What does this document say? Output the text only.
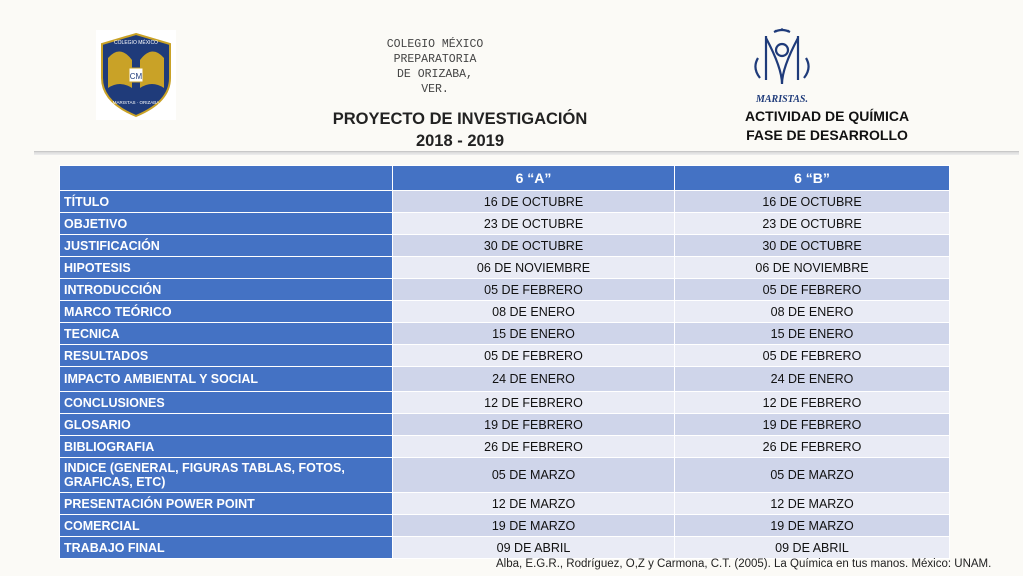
CM
COLEGIO MÉXICO
MARISTAS · ORIZABA
COLEGIO MÉXICO
PREPARATORIA
DE ORIZABA,
VER.
PROYECTO DE INVESTIGACIÓN
2018 - 2019
MARISTAS.
ACTIVIDAD DE QUÍMICA
FASE DE DESARROLLO
	6 “A”	6 “B”
TÍTULO	16 DE OCTUBRE	16 DE OCTUBRE
OBJETIVO	23 DE OCTUBRE	23 DE OCTUBRE
JUSTIFICACIÓN	30 DE OCTUBRE	30 DE OCTUBRE
HIPOTESIS	06 DE NOVIEMBRE	06 DE NOVIEMBRE
INTRODUCCIÓN	05 DE FEBRERO	05 DE FEBRERO
MARCO TEÓRICO	08 DE ENERO	08 DE ENERO
TECNICA	15 DE ENERO	15 DE ENERO
RESULTADOS	05 DE FEBRERO	05 DE FEBRERO
IMPACTO AMBIENTAL Y SOCIAL	24 DE ENERO	24 DE ENERO
CONCLUSIONES	12 DE FEBRERO	12 DE FEBRERO
GLOSARIO	19 DE FEBRERO	19 DE FEBRERO
BIBLIOGRAFIA	26 DE FEBRERO	26 DE FEBRERO
INDICE (GENERAL, FIGURAS TABLAS, FOTOS, GRAFICAS, ETC)	05 DE MARZO	05 DE MARZO
PRESENTACIÓN POWER POINT	12 DE MARZO	12 DE MARZO
COMERCIAL	19 DE MARZO	19 DE MARZO
TRABAJO FINAL	09 DE ABRIL	09 DE ABRIL
Alba, E.G.R., Rodríguez, O,Z y Carmona, C.T. (2005). La Química en tus manos. México: UNAM.
